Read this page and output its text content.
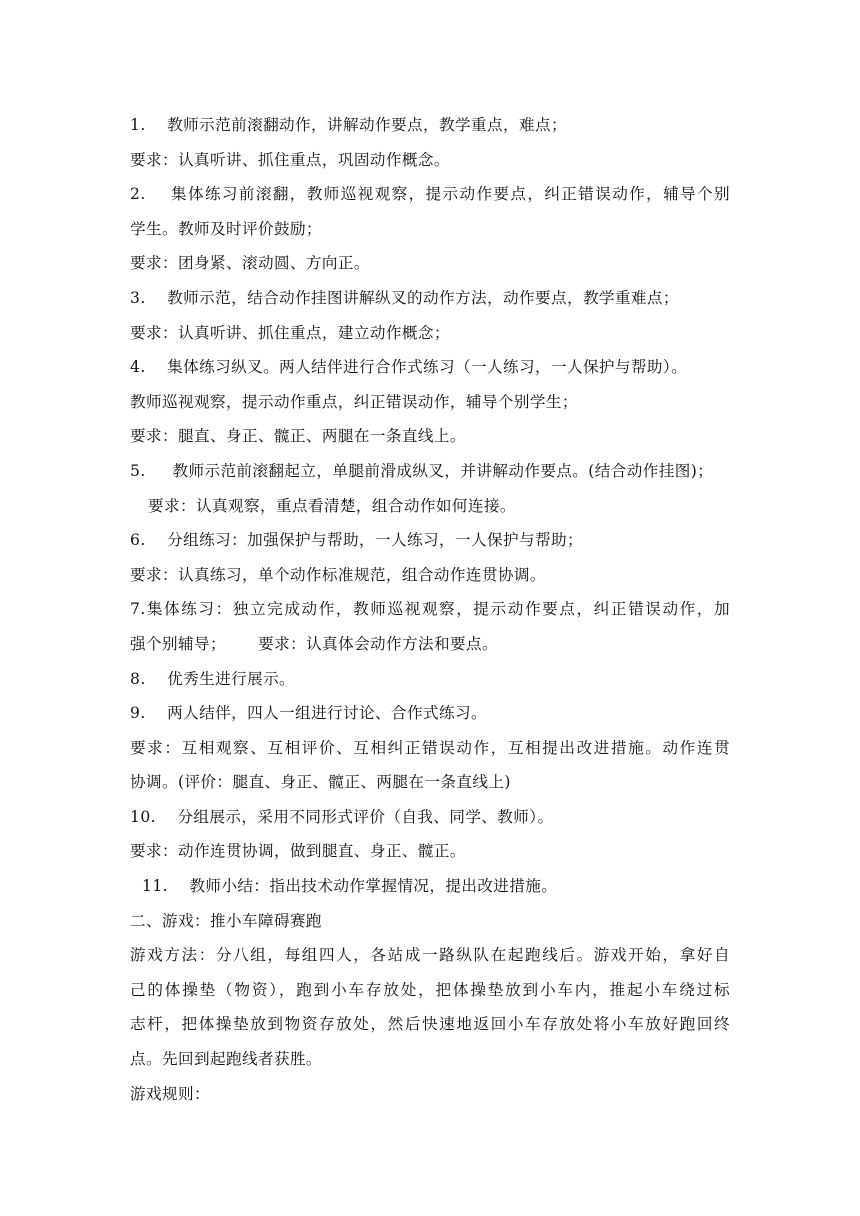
1.    教师示范前滚翻动作，讲解动作要点，教学重点，难点；
要求：认真听讲、抓住重点，巩固动作概念。
2.    集体练习前滚翻，教师巡视观察，提示动作要点，纠正错误动作，辅导个别
学生。教师及时评价鼓励；
要求：团身紧、滚动圆、方向正。
3.    教师示范，结合动作挂图讲解纵叉的动作方法，动作要点，教学重难点；
要求：认真听讲、抓住重点，建立动作概念；
4.    集体练习纵叉。两人结伴进行合作式练习（一人练习，一人保护与帮助）。
教师巡视观察，提示动作重点，纠正错误动作，辅导个别学生；
要求：腿直、身正、髋正、两腿在一条直线上。
5.     教师示范前滚翻起立，单腿前滑成纵叉，并讲解动作要点。(结合动作挂图)；
要求：认真观察，重点看清楚，组合动作如何连接。
6.    分组练习：加强保护与帮助，一人练习，一人保护与帮助；
要求：认真练习，单个动作标准规范，组合动作连贯协调。
7.集体练习：独立完成动作，教师巡视观察，提示动作要点，纠正错误动作，加
强个别辅导；      要求：认真体会动作方法和要点。
8.    优秀生进行展示。
9.    两人结伴，四人一组进行讨论、合作式练习。
要求：互相观察、互相评价、互相纠正错误动作，互相提出改进措施。动作连贯
协调。(评价：腿直、身正、髋正、两腿在一条直线上)
10.    分组展示，采用不同形式评价（自我、同学、教师）。
要求：动作连贯协调，做到腿直、身正、髋正。
11.    教师小结：指出技术动作掌握情况，提出改进措施。
二、游戏：推小车障碍赛跑
游戏方法：分八组，每组四人，各站成一路纵队在起跑线后。游戏开始，拿好自
己的体操垫（物资），跑到小车存放处，把体操垫放到小车内，推起小车绕过标
志杆，把体操垫放到物资存放处，然后快速地返回小车存放处将小车放好跑回终
点。先回到起跑线者获胜。
游戏规则：
